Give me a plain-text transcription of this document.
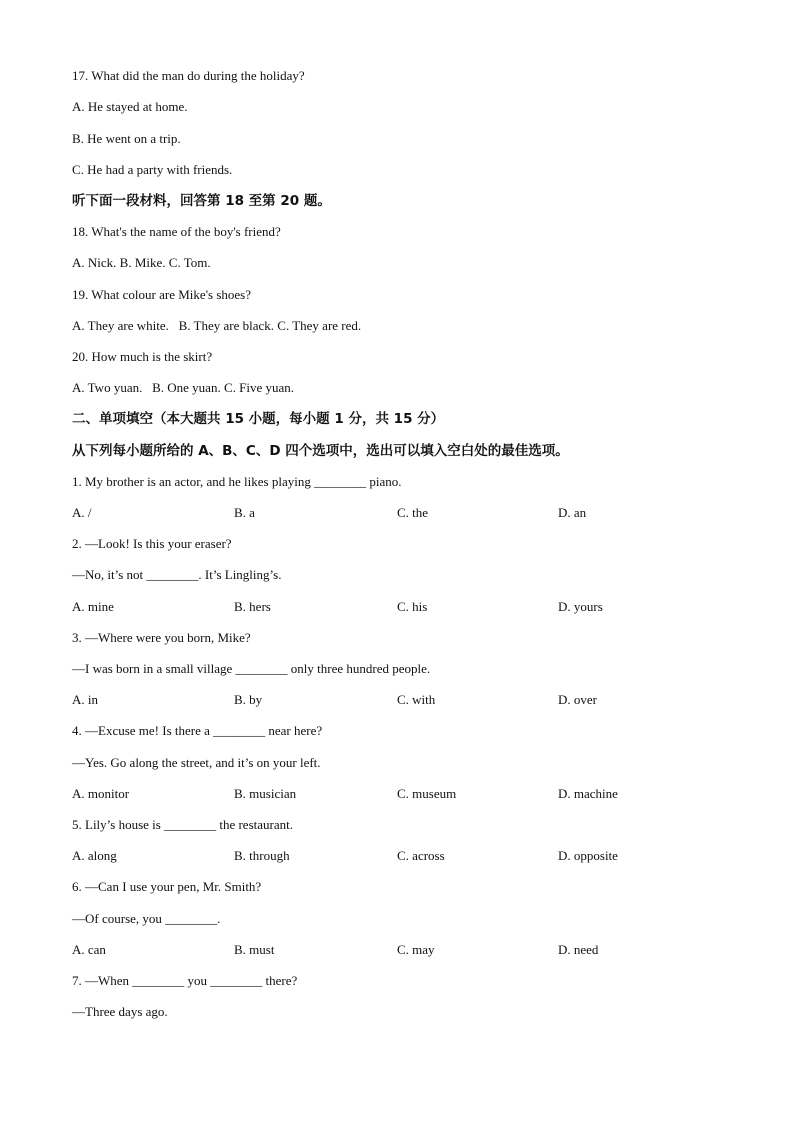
17. What did the man do during the holiday?
A. He stayed at home.
B. He went on a trip.
C. He had a party with friends.
听下面一段材料，回答第 18 至第 20 题。
18. What's the name of the boy's friend?
A. Nick. B. Mike. C. Tom.
19. What colour are Mike's shoes?
A. They are white.   B. They are black. C. They are red.
20. How much is the skirt?
A. Two yuan.   B. One yuan. C. Five yuan.
二、单项填空（本大题共 15 小题，每小题 1 分，共 15 分）
从下列每小题所给的 A、B、C、D 四个选项中，选出可以填入空白处的最佳选项。
1. My brother is an actor, and he likes playing ________ piano.
A. /	B. a	C. the	D. an
2. —Look! Is this your eraser?
—No, it’s not ________. It’s Lingling’s.
A. mine	B. hers	C. his	D. yours
3. —Where were you born, Mike?
—I was born in a small village ________ only three hundred people.
A. in	B. by	C. with	D. over
4. —Excuse me! Is there a ________ near here?
—Yes. Go along the street, and it’s on your left.
A. monitor	B. musician	C. museum	D. machine
5. Lily’s house is ________ the restaurant.
A. along	B. through	C. across	D. opposite
6. —Can I use your pen, Mr. Smith?
—Of course, you ________.
A. can	B. must	C. may	D. need
7. —When ________ you ________ there?
—Three days ago.
